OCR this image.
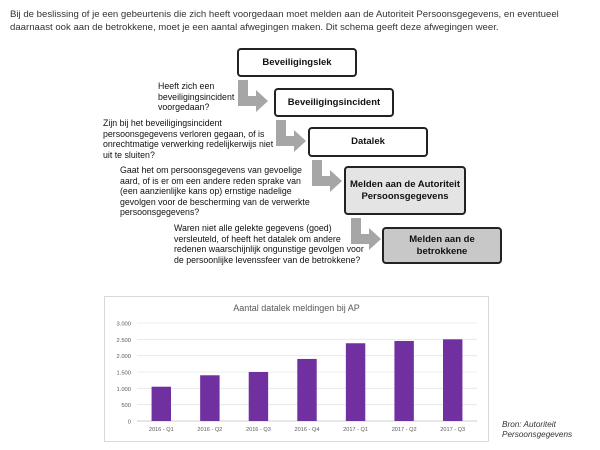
Bij de beslissing of je een gebeurtenis die zich heeft voorgedaan moet melden aan de Autoriteit Persoonsgegevens, en eventueel daarnaast ook aan de betrokkene, moet je een aantal afwegingen maken. Dit schema geeft deze afwegingen weer.

Beveiligingslek
Beveiligingsincident
Datalek
Melden aan de Autoriteit Persoonsgegevens
Melden aan de betrokkene
Heeft zich een beveiligingsincident voorgedaan?
Zijn bij het beveiligingsincident persoonsgegevens verloren gegaan, of is onrechtmatige verwerking redelijkerwijs niet uit te sluiten?
Gaat het om persoonsgegevens van gevoelige aard, of is er om een andere reden sprake van (een aanzienlijke kans op) ernstige nadelige gevolgen voor de bescherming van de verwerkte persoonsgegevens?
Waren niet alle gelekte gegevens (goed) versleuteld, of heeft het datalek om andere redenen waarschijnlijk ongunstige gevolgen voor de persoonlijke levenssfeer van de betrokkene?
Aantal datalek meldingen bij AP
0
500
1.000
1.500
2.000
2.500
3.000
2016 - Q1	2016 - Q2	2016 - Q3	2016 - Q4	2017 - Q1	2017 - Q2	2017 - Q3
Bron: Autoriteit Persoonsgegevens
